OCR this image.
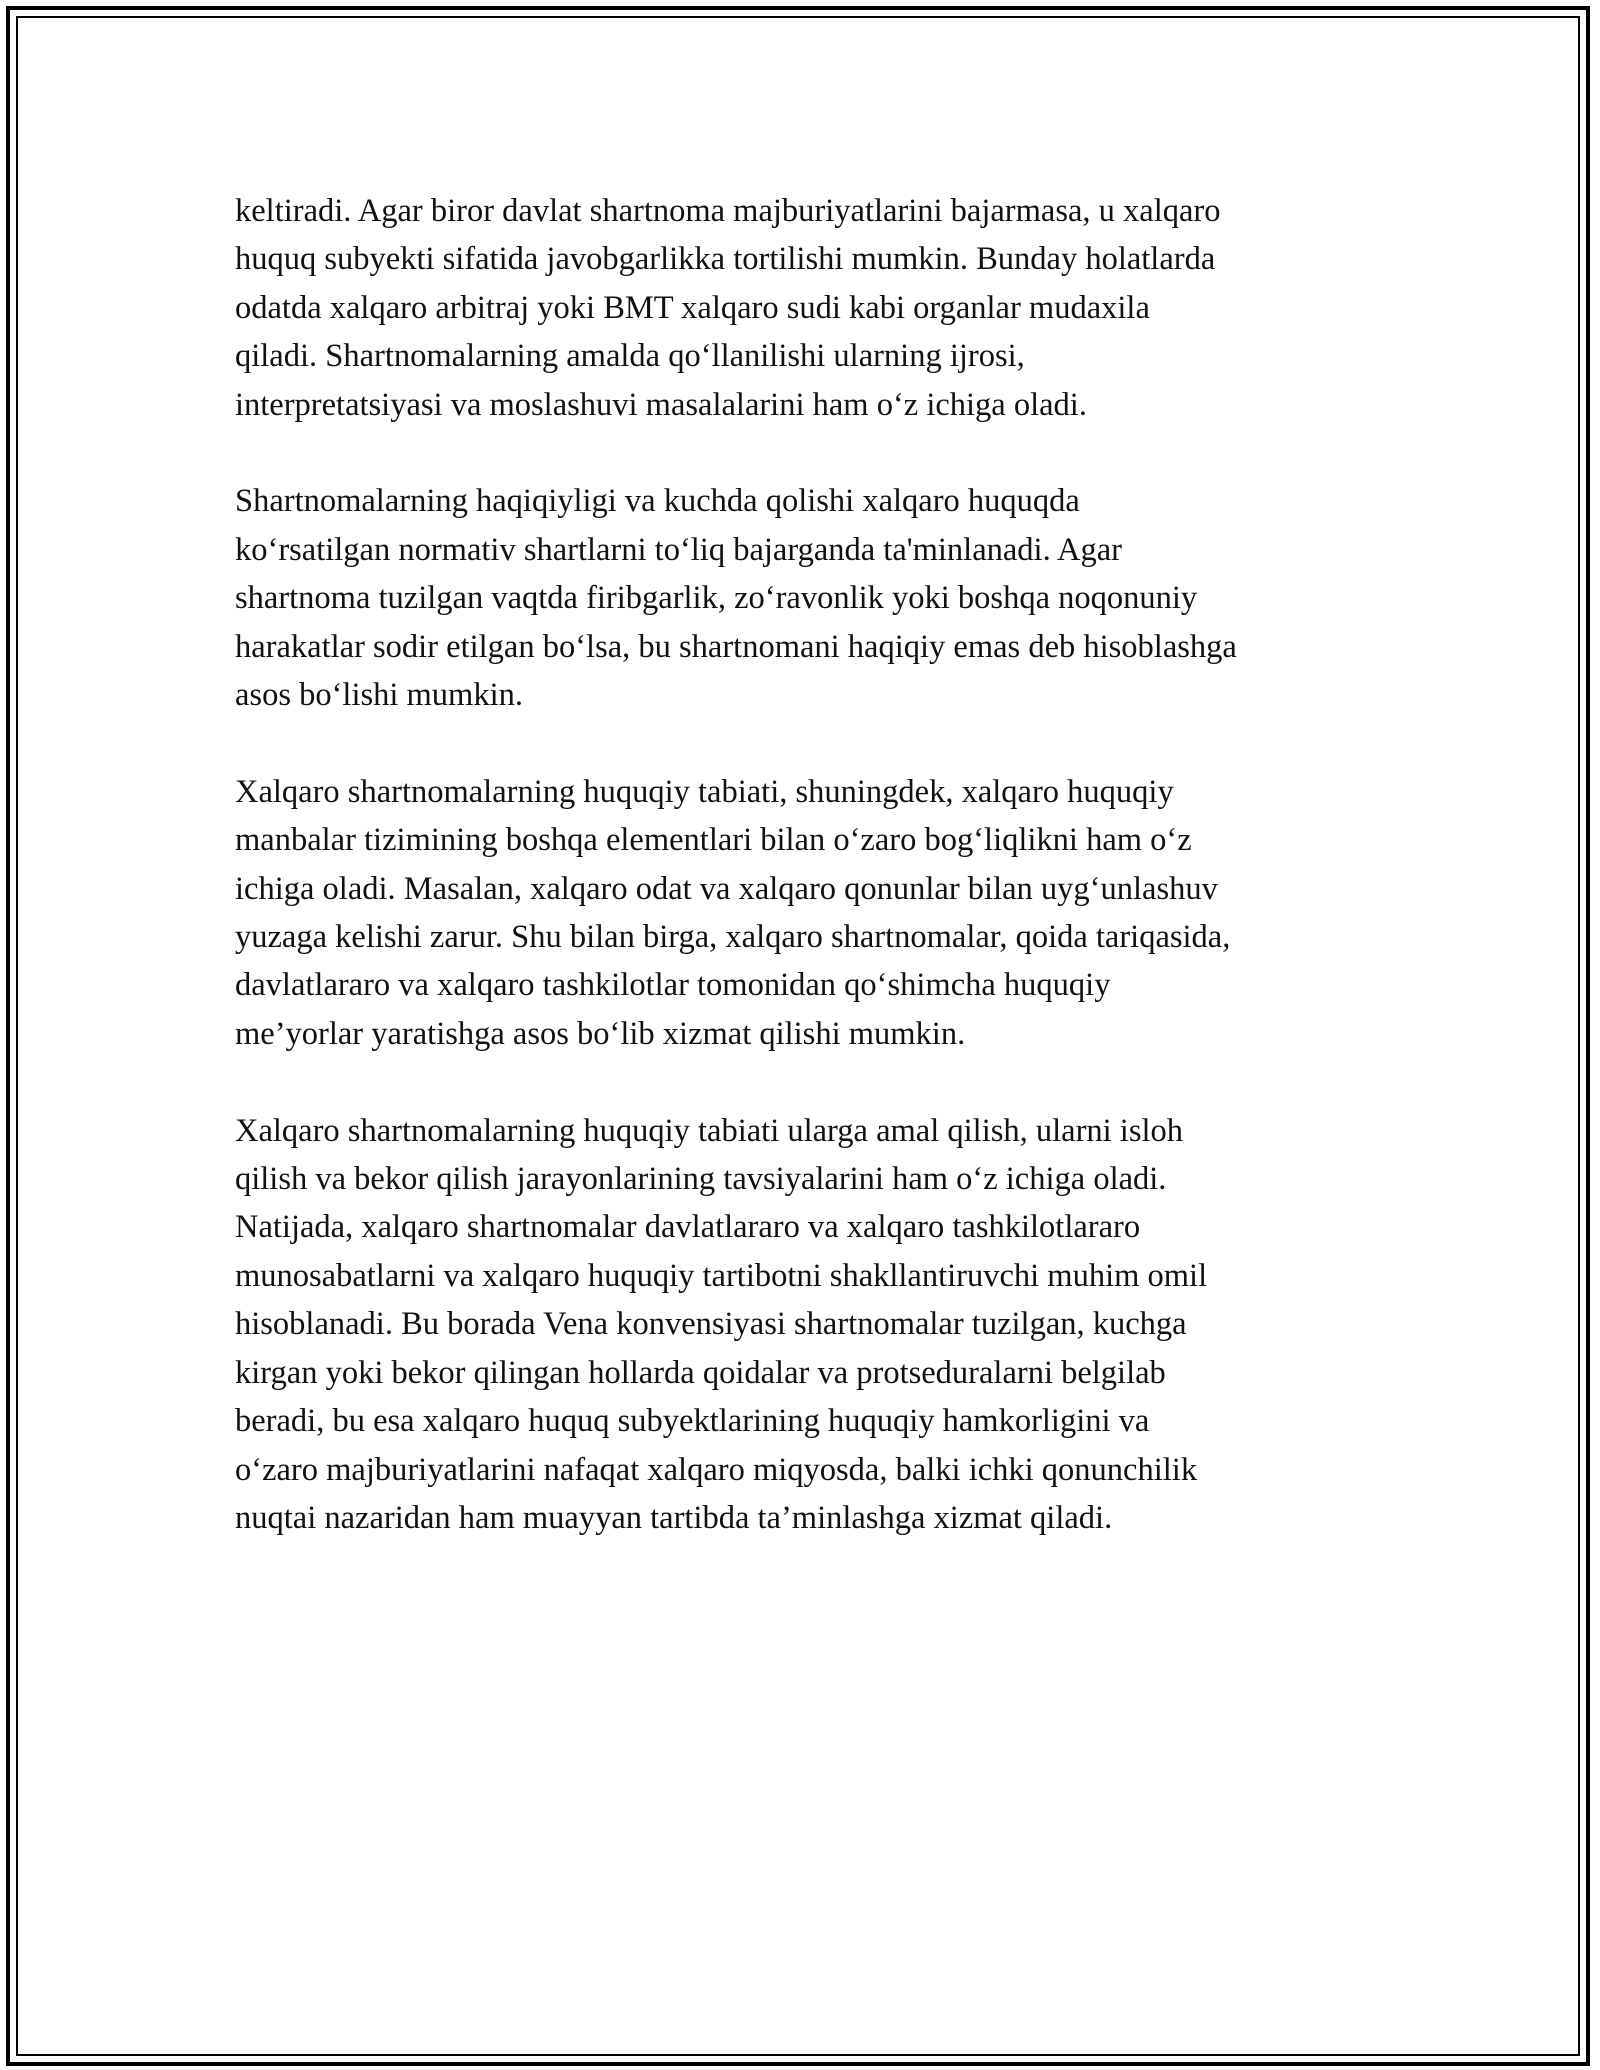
keltiradi. Agar biror davlat shartnoma majburiyatlarini bajarmasa, u xalqaro
huquq subyekti sifatida javobgarlikka tortilishi mumkin. Bunday holatlarda
odatda xalqaro arbitraj yoki BMT xalqaro sudi kabi organlar mudaxila
qiladi. Shartnomalarning amalda qo‘llanilishi ularning ijrosi,
interpretatsiyasi va moslashuvi masalalarini ham o‘z ichiga oladi.
Shartnomalarning haqiqiyligi va kuchda qolishi xalqaro huquqda
ko‘rsatilgan normativ shartlarni to‘liq bajarganda ta'minlanadi. Agar
shartnoma tuzilgan vaqtda firibgarlik, zo‘ravonlik yoki boshqa noqonuniy
harakatlar sodir etilgan bo‘lsa, bu shartnomani haqiqiy emas deb hisoblashga
asos bo‘lishi mumkin.
Xalqaro shartnomalarning huquqiy tabiati, shuningdek, xalqaro huquqiy
manbalar tizimining boshqa elementlari bilan o‘zaro bog‘liqlikni ham o‘z
ichiga oladi. Masalan, xalqaro odat va xalqaro qonunlar bilan uyg‘unlashuv
yuzaga kelishi zarur. Shu bilan birga, xalqaro shartnomalar, qoida tariqasida,
davlatlararo va xalqaro tashkilotlar tomonidan qo‘shimcha huquqiy
me’yorlar yaratishga asos bo‘lib xizmat qilishi mumkin.
Xalqaro shartnomalarning huquqiy tabiati ularga amal qilish, ularni isloh
qilish va bekor qilish jarayonlarining tavsiyalarini ham o‘z ichiga oladi.
Natijada, xalqaro shartnomalar davlatlararo va xalqaro tashkilotlararo
munosabatlarni va xalqaro huquqiy tartibotni shakllantiruvchi muhim omil
hisoblanadi. Bu borada Vena konvensiyasi shartnomalar tuzilgan, kuchga
kirgan yoki bekor qilingan hollarda qoidalar va protseduralarni belgilab
beradi, bu esa xalqaro huquq subyektlarining huquqiy hamkorligini va
o‘zaro majburiyatlarini nafaqat xalqaro miqyosda, balki ichki qonunchilik
nuqtai nazaridan ham muayyan tartibda ta’minlashga xizmat qiladi.
